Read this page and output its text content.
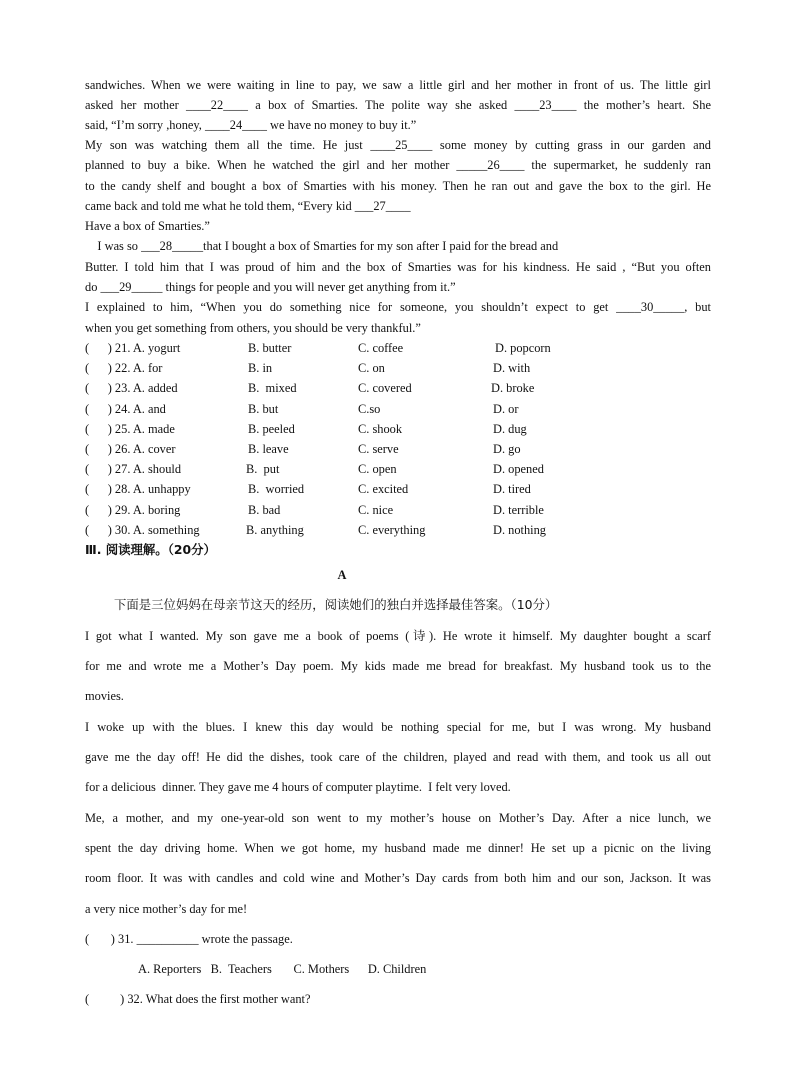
sandwiches. When we were waiting in line to pay, we saw a little girl and her mother in front of us. The little girl
asked her mother ____22____ a box of Smarties. The polite way she asked ____23____ the mother’s heart. She
said, “I’m sorry ,honey, ____24____ we have no money to buy it.”
My son was watching them all the time. He just ____25____ some money by cutting grass in our garden and
planned to buy a bike. When he watched the girl and her mother _____26____ the supermarket, he suddenly ran
to the candy shelf and bought a box of Smarties with his money. Then he ran out and gave the box to the girl. He
came back and told me what he told them, “Every kid ___27____
Have a box of Smarties.”
I was so ___28_____that I bought a box of Smarties for my son after I paid for the bread and
Butter. I told him that I was proud of him and the box of Smarties was for his kindness. He said , “But you often
do ___29_____ things for people and you will never get anything from it.”
I explained to him, “When you do something nice for someone, you shouldn’t expect to get ____30_____, but
when you get something from others, you should be very thankful.”
(      ) 21. A. yogurt	B. butter	C. coffee	D. popcorn
(      ) 22. A. for	B. in	C. on	D. with
(      ) 23. A. added	B.  mixed	C. covered	D. broke
(      ) 24. A. and	B. but	C.so	D. or
(      ) 25. A. made	B. peeled	C. shook	D. dug
(      ) 26. A. cover	B. leave	C. serve	D. go
(      ) 27. A. should	B.  put	C. open	D. opened
(      ) 28. A. unhappy	B.  worried	C. excited	D. tired
(      ) 29. A. boring	B. bad	C. nice	D. terrible
(      ) 30. A. something	B. anything	C. everything	D. nothing
Ⅲ. 阅读理解。（20分）
A
下面是三位妈妈在母亲节这天的经历，阅读她们的独白并选择最佳答案。（10分）
I got what I wanted. My son gave me a book of poems (诗). He wrote it himself. My daughter bought a scarf
for me and wrote me a Mother’s Day poem. My kids made me bread for breakfast. My husband took us to the
movies.
I woke up with the blues. I knew this day would be nothing special for me, but I was wrong. My husband
gave me the day off! He did the dishes, took care of the children, played and read with them, and took us all out
for a delicious  dinner. They gave me 4 hours of computer playtime.  I felt very loved.
Me, a mother, and my one-year-old son went to my mother’s house on Mother’s Day. After a nice lunch, we
spent the day driving home. When we got home, my husband made me dinner! He set up a picnic on the living
room floor. It was with candles and cold wine and Mother’s Day cards from both him and our son, Jackson. It was
a very nice mother’s day for me!
(       ) 31. __________ wrote the passage.
A. Reporters   B.  Teachers       C. Mothers      D. Children
(          ) 32. What does the first mother want?
